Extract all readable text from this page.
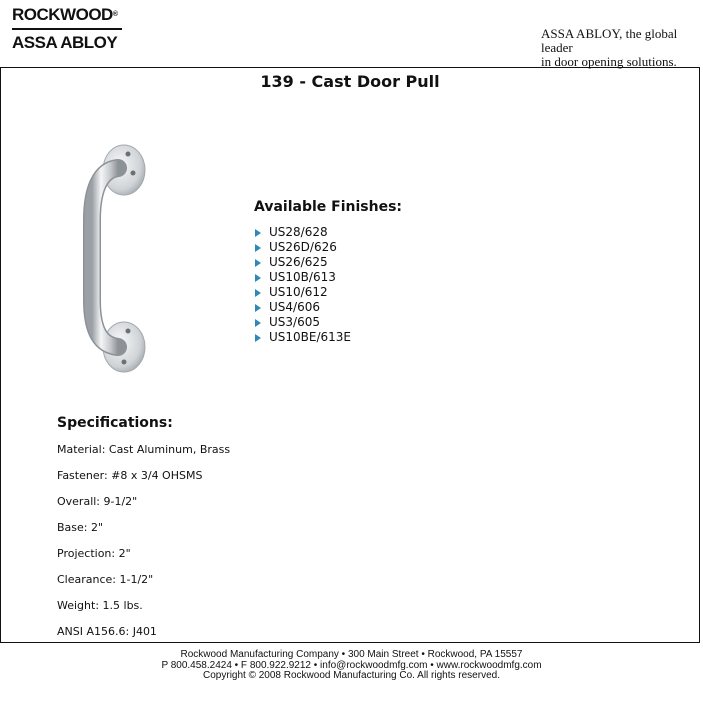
ROCKWOOD®
ASSA ABLOY	ASSA ABLOY, the global leader
in door opening solutions.
139 - Cast Door Pull
Available Finishes:
US28/628
US26D/626
US26/625
US10B/613
US10/612
US4/606
US3/605
US10BE/613E
Specifications:
Material: Cast Aluminum, Brass
Fastener: #8 x 3/4 OHSMS
Overall: 9-1/2"
Base: 2"
Projection: 2"
Clearance: 1-1/2"
Weight: 1.5 lbs.
ANSI A156.6: J401
Rockwood Manufacturing Company • 300 Main Street • Rockwood, PA 15557
P 800.458.2424 • F 800.922.9212 • info@rockwoodmfg.com • www.rockwoodmfg.com
Copyright © 2008 Rockwood Manufacturing Co. All rights reserved.
